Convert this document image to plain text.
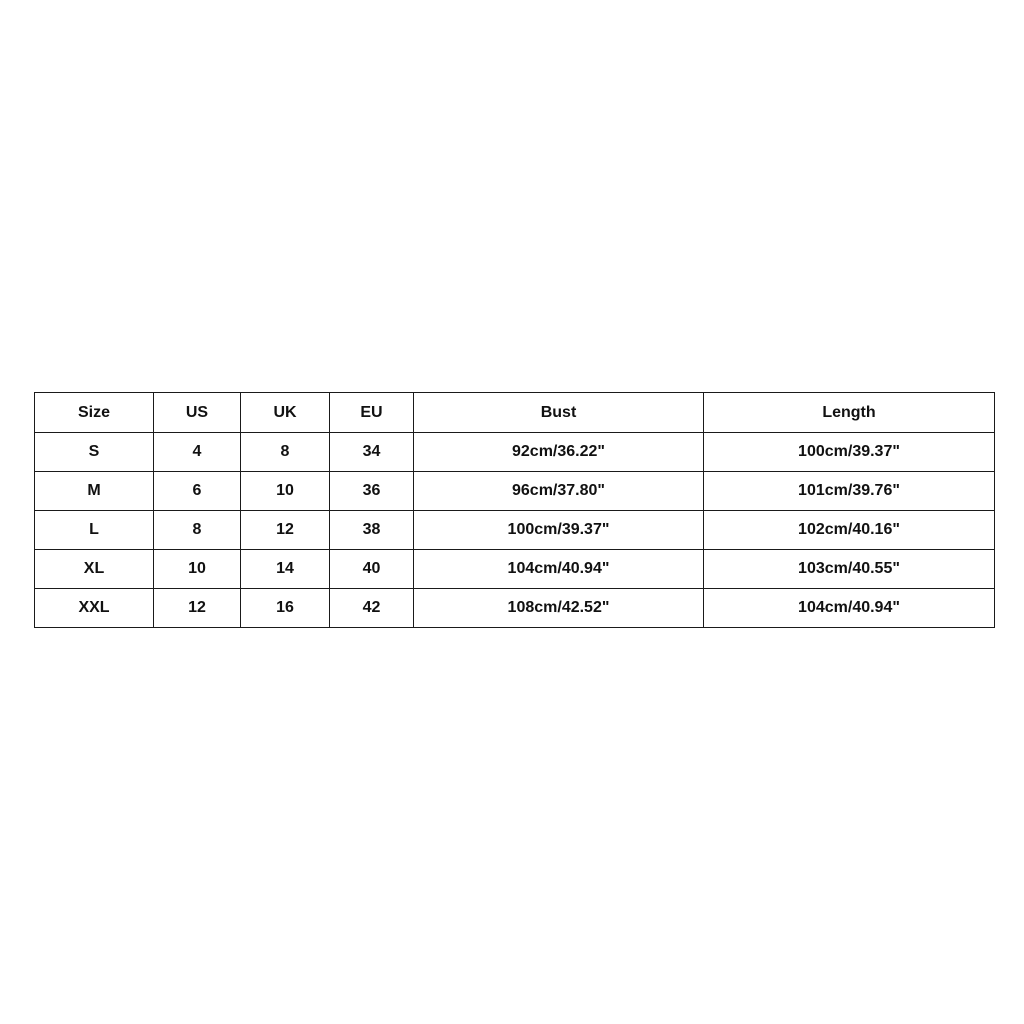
Size	US	UK	EU	Bust	Length
S	4	8	34	92cm/36.22"	100cm/39.37"
M	6	10	36	96cm/37.80"	101cm/39.76"
L	8	12	38	100cm/39.37"	102cm/40.16"
XL	10	14	40	104cm/40.94"	103cm/40.55"
XXL	12	16	42	108cm/42.52"	104cm/40.94"
